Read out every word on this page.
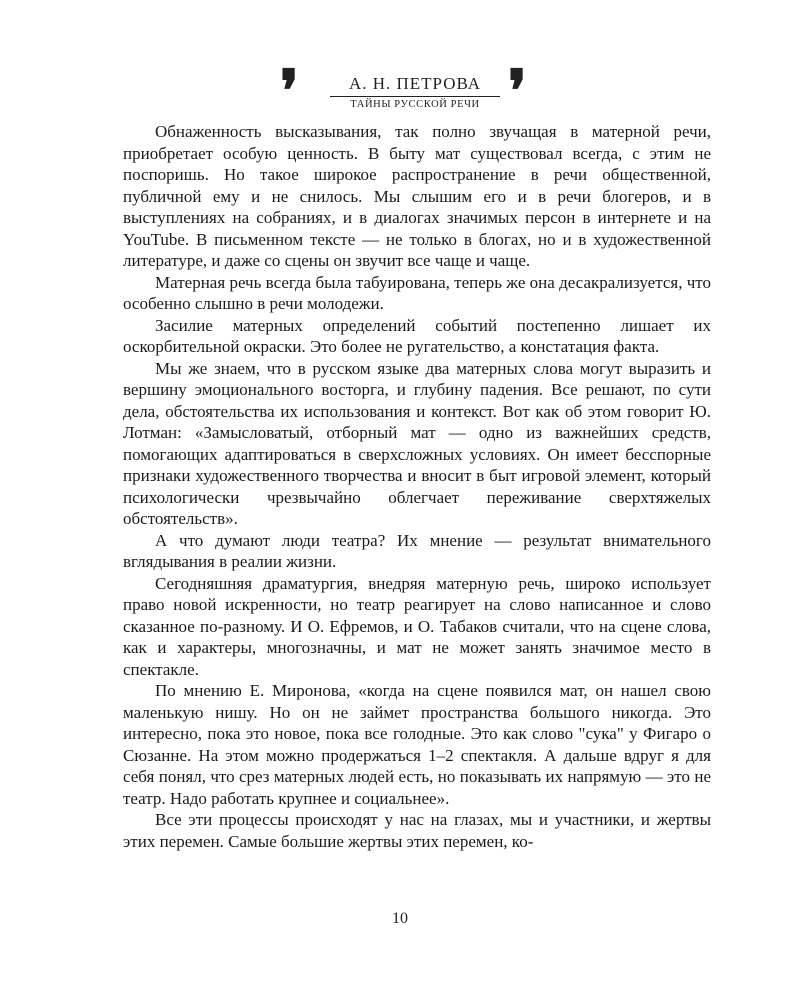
❜	А. Н. ПЕТРОВА
ТАЙНЫ РУССКОЙ РЕЧИ ❜

Обнаженность высказывания, так полно звучащая в матерной речи, приобретает особую ценность. В быту мат существовал всегда, с этим не поспоришь. Но такое широкое распространение в речи общественной, публичной ему и не снилось. Мы слышим его и в речи блогеров, и в выступлениях на собраниях, и в диалогах значимых персон в интернете и на YouTube. В письменном тексте — не только в блогах, но и в художественной литературе, и даже со сцены он звучит все чаще и чаще.

Матерная речь всегда была табуирована, теперь же она десакрализуется, что особенно слышно в речи молодежи.

Засилие матерных определений событий постепенно лишает их оскорбительной окраски. Это более не ругательство, а констатация факта.

Мы же знаем, что в русском языке два матерных слова могут выразить и вершину эмоционального восторга, и глубину падения. Все решают, по сути дела, обстоятельства их использования и контекст. Вот как об этом говорит Ю. Лотман: «Замысловатый, отборный мат — одно из важнейших средств, помогающих адаптироваться в сверхсложных условиях. Он имеет бесспорные признаки художественного творчества и вносит в быт игровой элемент, который психологически чрезвычайно облегчает переживание сверхтяжелых обстоятельств».

А что думают люди театра? Их мнение — результат внимательного вглядывания в реалии жизни.

Сегодняшняя драматургия, внедряя матерную речь, широко использует право новой искренности, но театр реагирует на слово написанное и слово сказанное по-разному. И О. Ефремов, и О. Табаков считали, что на сцене слова, как и характеры, многозначны, и мат не может занять значимое место в спектакле.

По мнению Е. Миронова, «когда на сцене появился мат, он нашел свою маленькую нишу. Но он не займет пространства большого никогда. Это интересно, пока это новое, пока все голодные. Это как слово "сука" у Фигаро о Сюзанне. На этом можно продержаться 1–2 спектакля. А дальше вдруг я для себя понял, что срез матерных людей есть, но показывать их напрямую — это не театр. Надо работать крупнее и социальнее».

Все эти процессы происходят у нас на глазах, мы и участники, и жертвы этих перемен. Самые большие жертвы этих перемен, ко-

10
